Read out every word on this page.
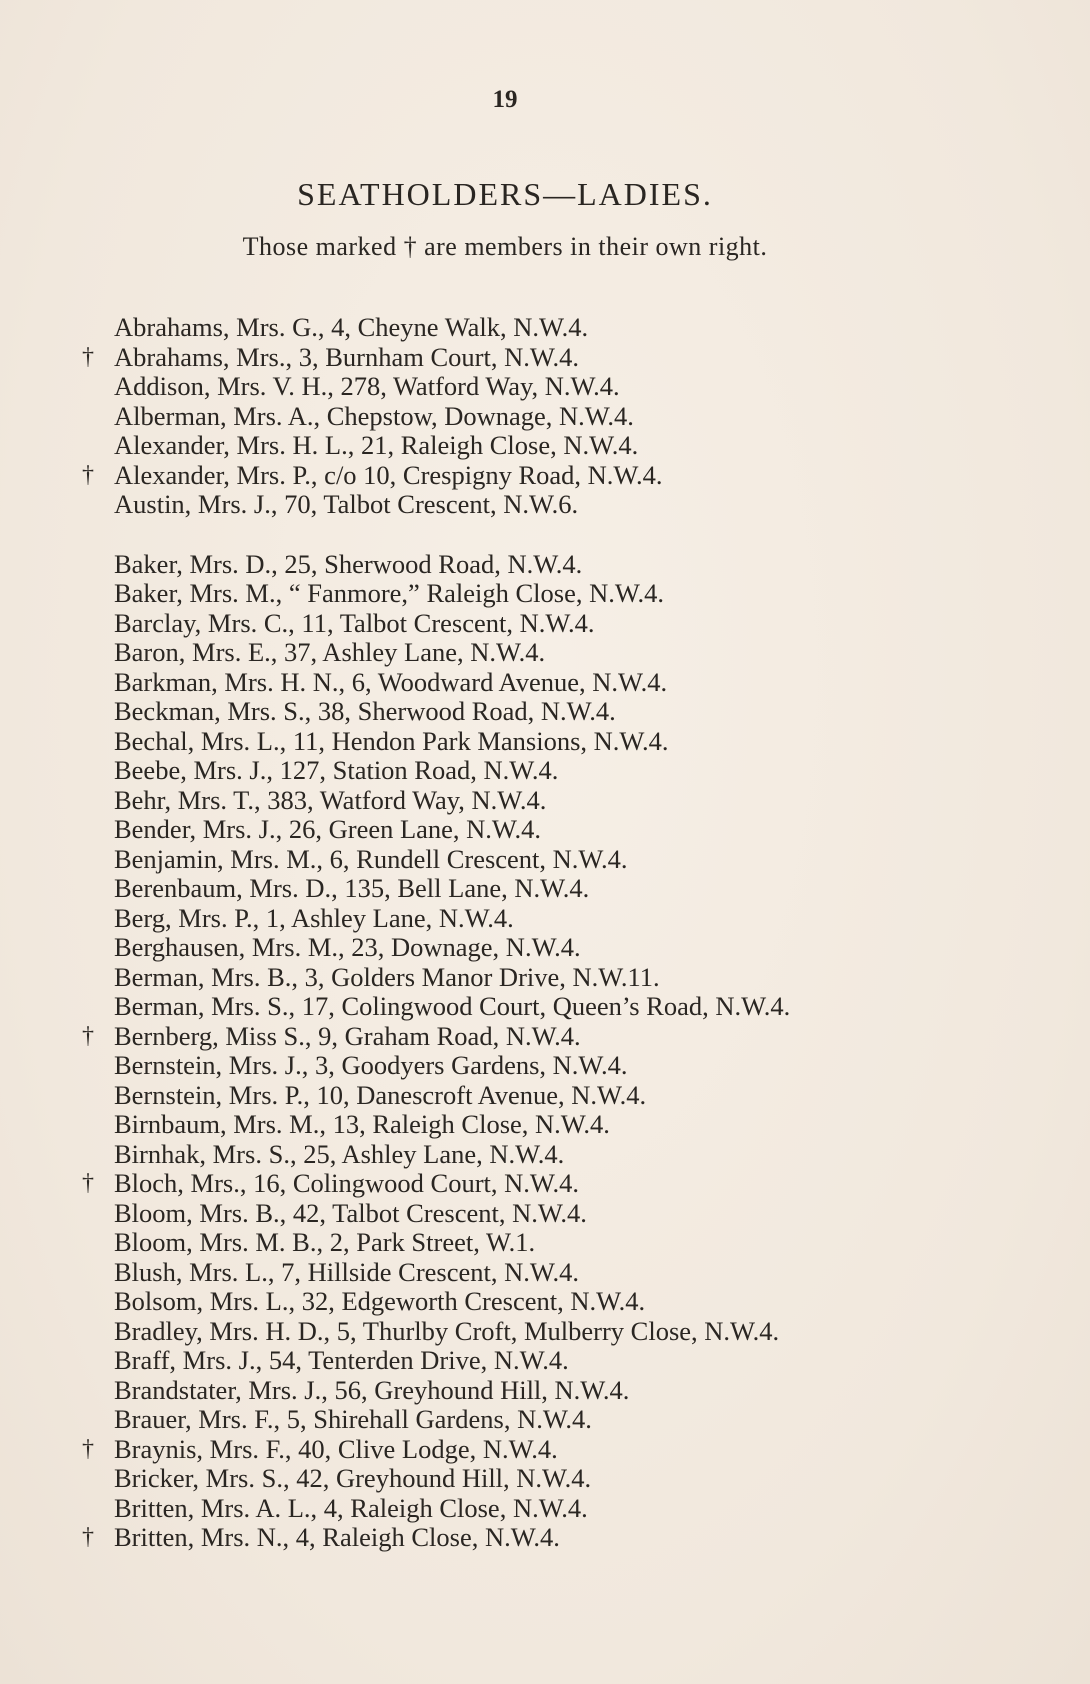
19
SEATHOLDERS—LADIES.
Those marked † are members in their own right.
Abrahams, Mrs. G., 4, Cheyne Walk, N.W.4.
† Abrahams, Mrs., 3, Burnham Court, N.W.4.
Addison, Mrs. V. H., 278, Watford Way, N.W.4.
Alberman, Mrs. A., Chepstow, Downage, N.W.4.
Alexander, Mrs. H. L., 21, Raleigh Close, N.W.4.
† Alexander, Mrs. P., c/o 10, Crespigny Road, N.W.4.
Austin, Mrs. J., 70, Talbot Crescent, N.W.6.
Baker, Mrs. D., 25, Sherwood Road, N.W.4.
Baker, Mrs. M., “ Fanmore,” Raleigh Close, N.W.4.
Barclay, Mrs. C., 11, Talbot Crescent, N.W.4.
Baron, Mrs. E., 37, Ashley Lane, N.W.4.
Barkman, Mrs. H. N., 6, Woodward Avenue, N.W.4.
Beckman, Mrs. S., 38, Sherwood Road, N.W.4.
Bechal, Mrs. L., 11, Hendon Park Mansions, N.W.4.
Beebe, Mrs. J., 127, Station Road, N.W.4.
Behr, Mrs. T., 383, Watford Way, N.W.4.
Bender, Mrs. J., 26, Green Lane, N.W.4.
Benjamin, Mrs. M., 6, Rundell Crescent, N.W.4.
Berenbaum, Mrs. D., 135, Bell Lane, N.W.4.
Berg, Mrs. P., 1, Ashley Lane, N.W.4.
Berghausen, Mrs. M., 23, Downage, N.W.4.
Berman, Mrs. B., 3, Golders Manor Drive, N.W.11.
Berman, Mrs. S., 17, Colingwood Court, Queen’s Road, N.W.4.
† Bernberg, Miss S., 9, Graham Road, N.W.4.
Bernstein, Mrs. J., 3, Goodyers Gardens, N.W.4.
Bernstein, Mrs. P., 10, Danescroft Avenue, N.W.4.
Birnbaum, Mrs. M., 13, Raleigh Close, N.W.4.
Birnhak, Mrs. S., 25, Ashley Lane, N.W.4.
† Bloch, Mrs., 16, Colingwood Court, N.W.4.
Bloom, Mrs. B., 42, Talbot Crescent, N.W.4.
Bloom, Mrs. M. B., 2, Park Street, W.1.
Blush, Mrs. L., 7, Hillside Crescent, N.W.4.
Bolsom, Mrs. L., 32, Edgeworth Crescent, N.W.4.
Bradley, Mrs. H. D., 5, Thurlby Croft, Mulberry Close, N.W.4.
Braff, Mrs. J., 54, Tenterden Drive, N.W.4.
Brandstater, Mrs. J., 56, Greyhound Hill, N.W.4.
Brauer, Mrs. F., 5, Shirehall Gardens, N.W.4.
† Braynis, Mrs. F., 40, Clive Lodge, N.W.4.
Bricker, Mrs. S., 42, Greyhound Hill, N.W.4.
Britten, Mrs. A. L., 4, Raleigh Close, N.W.4.
† Britten, Mrs. N., 4, Raleigh Close, N.W.4.
